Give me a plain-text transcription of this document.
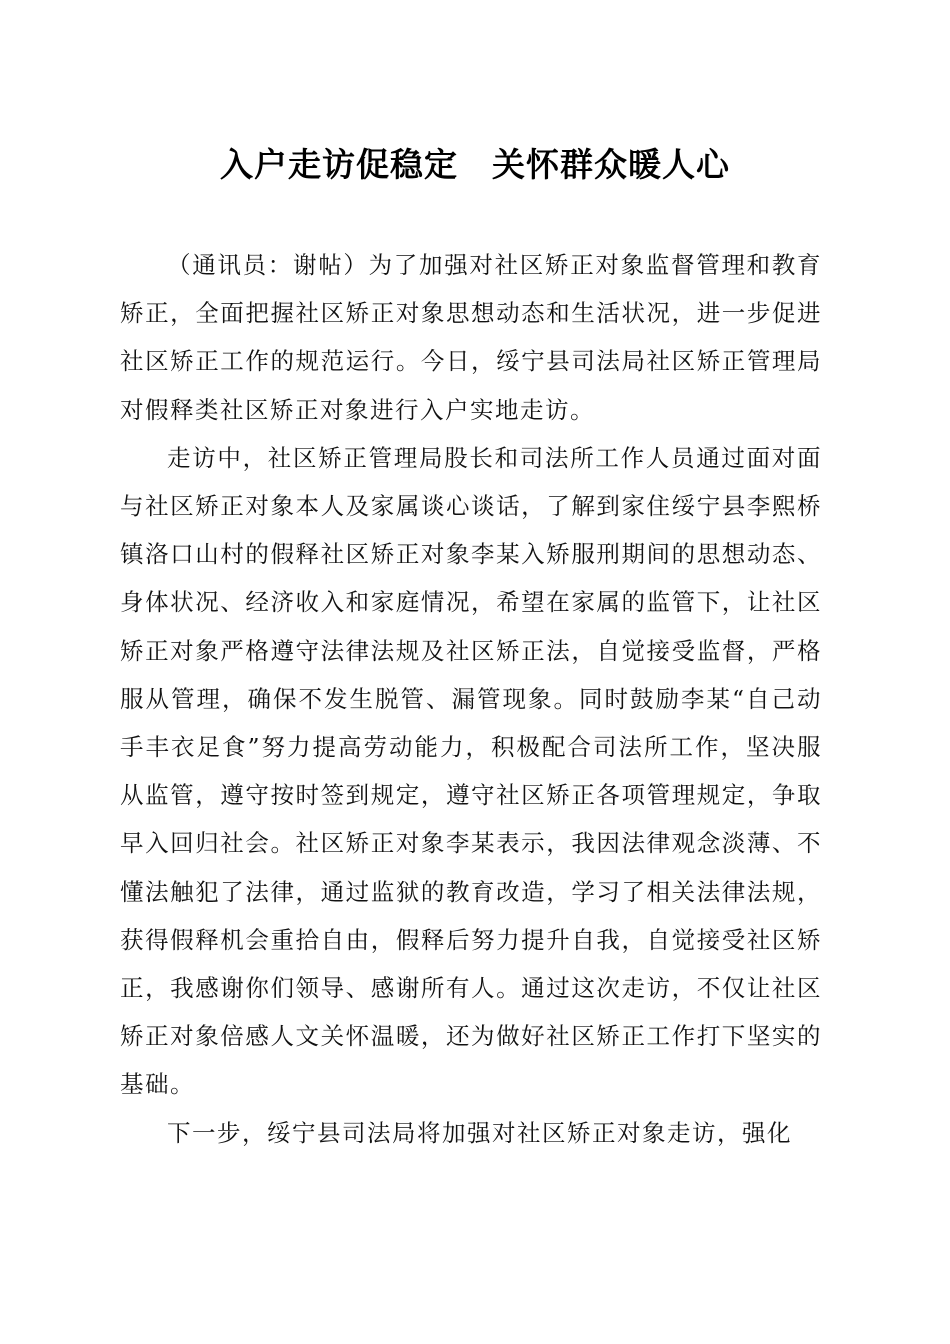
入户走访促稳定　关怀群众暖人心

（通讯员：谢帖）为了加强对社区矫正对象监督管理和教育矫正，全面把握社区矫正对象思想动态和生活状况，进一步促进社区矫正工作的规范运行。今日，绥宁县司法局社区矫正管理局对假释类社区矫正对象进行入户实地走访。

走访中，社区矫正管理局股长和司法所工作人员通过面对面与社区矫正对象本人及家属谈心谈话，了解到家住绥宁县李熙桥镇洛口山村的假释社区矫正对象李某入矫服刑期间的思想动态、身体状况、经济收入和家庭情况，希望在家属的监管下，让社区矫正对象严格遵守法律法规及社区矫正法，自觉接受监督，严格服从管理，确保不发生脱管、漏管现象。同时鼓励李某“自己动手丰衣足食”努力提高劳动能力，积极配合司法所工作，坚决服从监管，遵守按时签到规定，遵守社区矫正各项管理规定，争取早入回归社会。社区矫正对象李某表示，我因法律观念淡薄、不懂法触犯了法律，通过监狱的教育改造，学习了相关法律法规，获得假释机会重拾自由，假释后努力提升自我，自觉接受社区矫正，我感谢你们领导、感谢所有人。通过这次走访，不仅让社区矫正对象倍感人文关怀温暖，还为做好社区矫正工作打下坚实的基础。

下一步，绥宁县司法局将加强对社区矫正对象走访，强化
